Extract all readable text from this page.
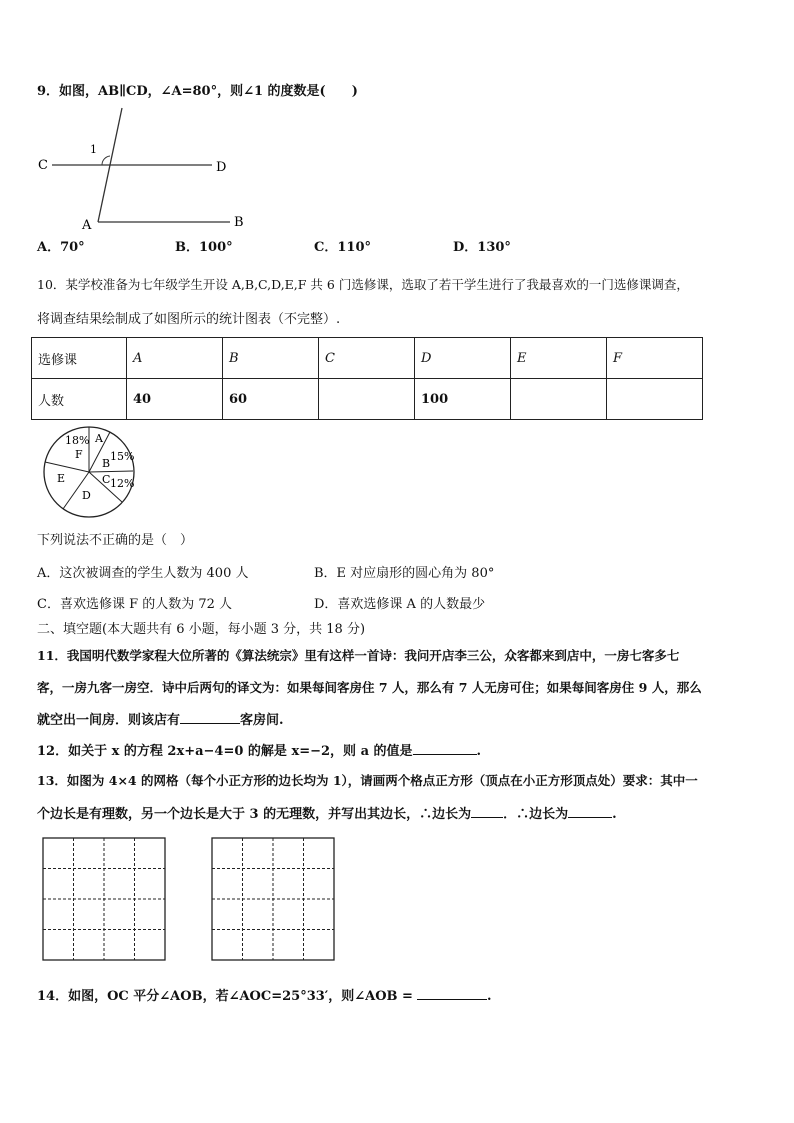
9．如图，AB∥CD，∠A=80°，则∠1 的度数是(　　)
C	D
A	B
1
A．70°	B．100°	C．110°	D．130°
10．某学校准备为七年级学生开设 A,B,C,D,E,F 共 6 门选修课，选取了若干学生进行了我最喜欢的一门选修课调查，
将调查结果绘制成了如图所示的统计图表（不完整）.
选修课	A	B	C	D	E	F
人数	40	60		100		
18% A
F
B
15%
E	C 12%
D
下列说法不正确的是（　）
A．这次被调查的学生人数为 400 人	B．E 对应扇形的圆心角为 80°
C．喜欢选修课 F 的人数为 72 人	D．喜欢选修课 A 的人数最少
二、填空题(本大题共有 6 小题，每小题 3 分，共 18 分)
11．我国明代数学家程大位所著的《算法统宗》里有这样一首诗：我问开店李三公，众客都来到店中，一房七客多七
客，一房九客一房空．诗中后两句的译文为：如果每间客房住 7 人，那么有 7 人无房可住；如果每间客房住 9 人，那么
就空出一间房．则该店有	客房间.
12．如关于 x 的方程 2x+a−4=0 的解是 x=−2，则 a 的值是	.
13．如图为 4×4 的网格（每个小正方形的边长均为 1），请画两个格点正方形（顶点在小正方形顶点处）要求：其中一
个边长是有理数，另一个边长是大于 3 的无理数，并写出其边长，∴边长为 ．∴边长为	.
14．如图，OC 平分∠AOB，若∠AOC=25°33′，则∠AOB =	.
